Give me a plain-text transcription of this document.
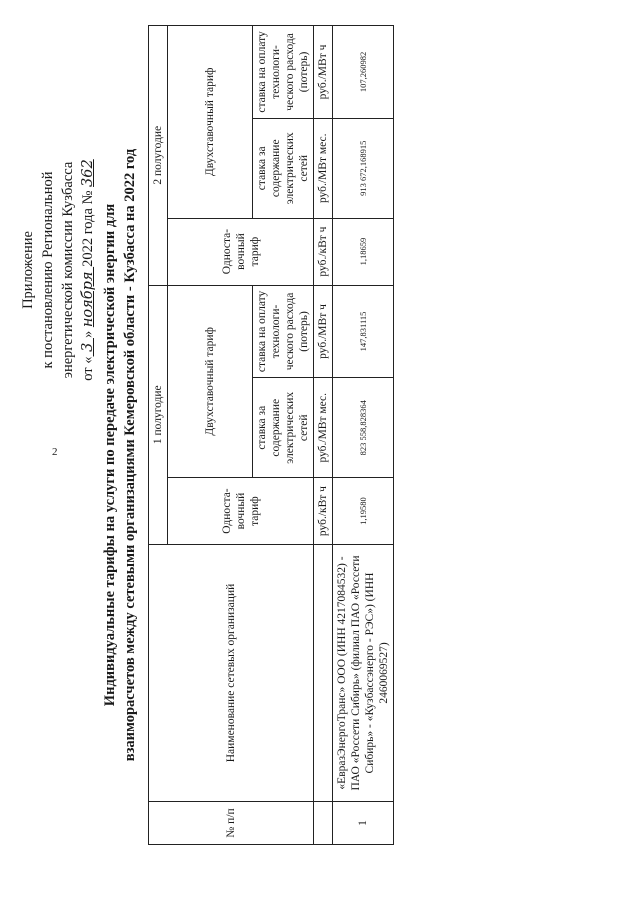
2
Приложение к постановлению Региональной энергетической комиссии Кузбасса от « 3 » ноября 2022 года № 362
Индивидуальные тарифы на услуги по передаче электрической энергии для взаиморасчетов между сетевыми организациями Кемеровской области - Кузбасса на 2022 год
№ п/п	Наименование сетевых организаций	1 полугодие			2 полугодие		
		Односта-вочный тариф	Двухставочный тариф		Односта-вочный тариф	Двухставочный тариф	
			ставка за содержание электрических сетей	ставка на оплату технологи-ческого расхода (потерь)		ставка за содержание электрических сетей	ставка на оплату технологи-ческого расхода (потерь)
		руб./кВт ч	руб./МВт мес.	руб./МВт ч	руб./кВт ч	руб./МВт мес.	руб./МВт ч
1	«ЕвразЭнергоТранс» ООО (ИНН 4217084532) - ПАО «Россети Сибирь» (филиал ПАО «Россети Сибирь» - «Кузбассэнерго - РЭС») (ИНН 2460069527)	1,19580	823 558,828364	147,831115	1,18659	913 672,168915	107,260982
